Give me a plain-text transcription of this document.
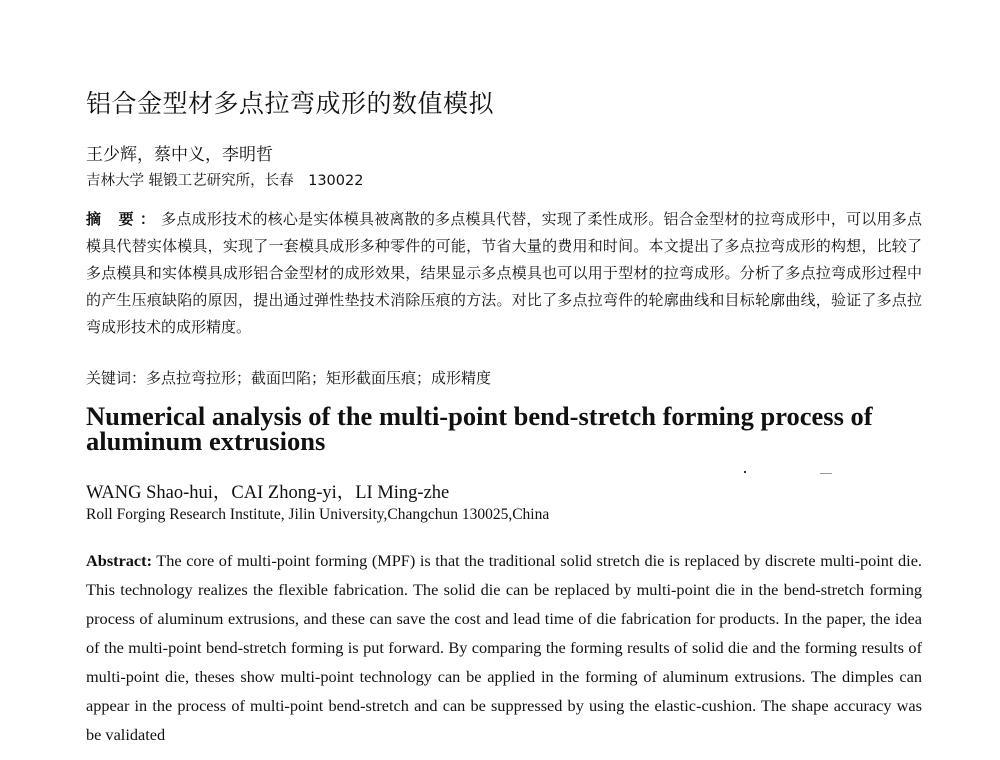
铝合金型材多点拉弯成形的数值模拟
王少辉，蔡中义，李明哲
吉林大学 辊锻工艺研究所，长春　130022
摘 要：多点成形技术的核心是实体模具被离散的多点模具代替，实现了柔性成形。铝合金型材的拉弯成形中，可以用多点模具代替实体模具，实现了一套模具成形多种零件的可能，节省大量的费用和时间。本文提出了多点拉弯成形的构想，比较了多点模具和实体模具成形铝合金型材的成形效果，结果显示多点模具也可以用于型材的拉弯成形。分析了多点拉弯成形过程中的产生压痕缺陷的原因，提出通过弹性垫技术消除压痕的方法。对比了多点拉弯件的轮廓曲线和目标轮廓曲线，验证了多点拉弯成形技术的成形精度。
关键词：多点拉弯拉形；截面凹陷；矩形截面压痕；成形精度
Numerical analysis of the multi-point bend-stretch forming process of aluminum extrusions
WANG Shao-hui，CAI Zhong-yi，LI Ming-zhe
Roll Forging Research Institute, Jilin University,Changchun 130025,China
Abstract: The core of multi-point forming (MPF) is that the traditional solid stretch die is replaced by discrete multi-point die. This technology realizes the flexible fabrication. The solid die can be replaced by multi-point die in the bend-stretch forming process of aluminum extrusions, and these can save the cost and lead time of die fabrication for products. In the paper, the idea of the multi-point bend-stretch forming is put forward. By comparing the forming results of solid die and the forming results of multi-point die, theses show multi-point technology can be applied in the forming of aluminum extrusions. The dimples can appear in the process of multi-point bend-stretch and can be suppressed by using the elastic-cushion. The shape accuracy was be validated
